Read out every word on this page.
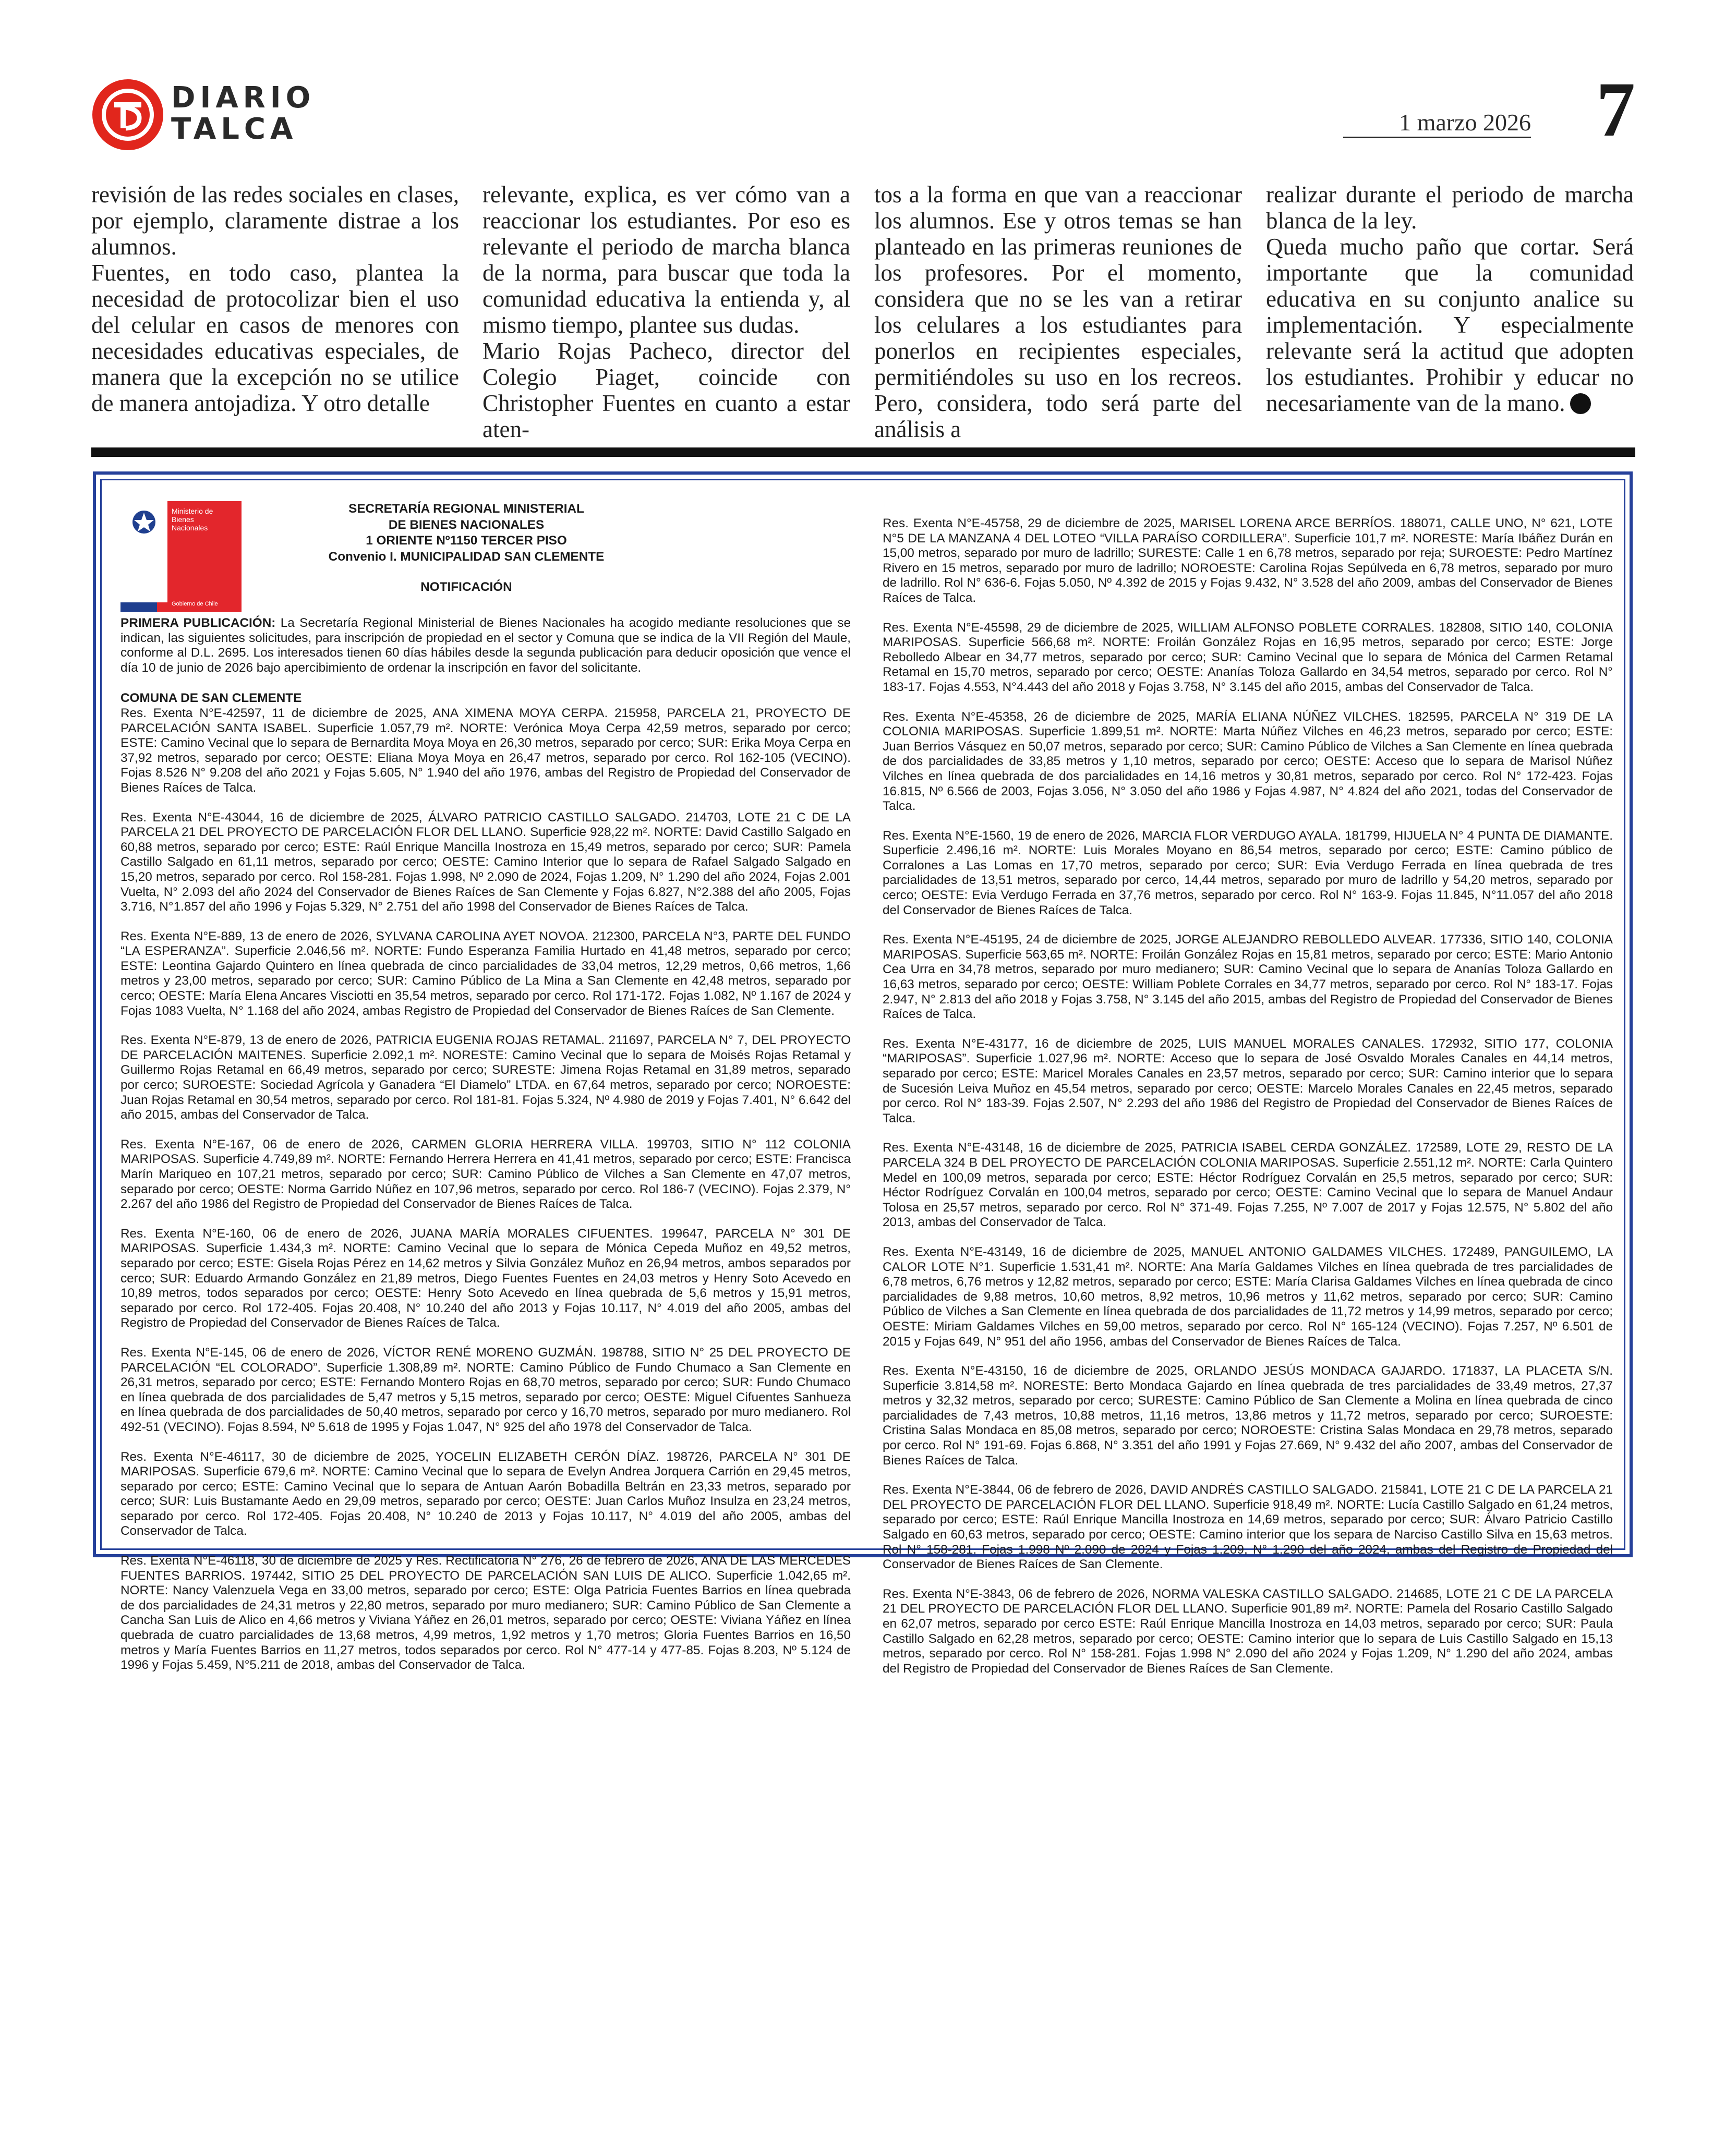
DIARIO
TALCA	1 marzo 2026 7

revisión de las redes sociales en clases, por ejemplo, claramente distrae a los alumnos.

Fuentes, en todo caso, plantea la necesidad de protocolizar bien el uso del celular en casos de menores con necesidades educativas especiales, de manera que la excepción no se utilice de manera antojadiza. Y otro detalle

relevante, explica, es ver cómo van a reaccionar los estudiantes. Por eso es relevante el periodo de marcha blanca de la norma, para buscar que toda la comunidad educativa la entienda y, al mismo tiempo, plantee sus dudas.

Mario Rojas Pacheco, director del Colegio Piaget, coincide con Christopher Fuentes en cuanto a estar aten-

tos a la forma en que van a reaccionar los alumnos. Ese y otros temas se han planteado en las primeras reuniones de los profesores. Por el momento, considera que no se les van a retirar los celulares a los estudiantes para ponerlos en recipientes especiales, permitiéndoles su uso en los recreos. Pero, considera, todo será parte del análisis a

realizar durante el periodo de marcha blanca de la ley.

Queda mucho paño que cortar. Será importante que la comunidad educativa en su conjunto analice su implementación. Y especialmente relevante será la actitud que adopten los estudiantes. Prohibir y educar no necesariamente van de la mano.

Ministerio de
Bienes
Nacionales
Gobierno de Chile
SECRETARÍA REGIONAL MINISTERIAL
DE BIENES NACIONALES
1 ORIENTE Nº1150 TERCER PISO
Convenio I. MUNICIPALIDAD SAN CLEMENTE
NOTIFICACIÓN
PRIMERA PUBLICACIÓN: La Secretaría Regional Ministerial de Bienes Nacionales ha acogido mediante resoluciones que se indican, las siguientes solicitudes, para inscripción de propiedad en el sector y Comuna que se indica de la VII Región del Maule, conforme al D.L. 2695. Los interesados tienen 60 días hábiles desde la segunda publicación para deducir oposición que vence el día 10 de junio de 2026 bajo apercibimiento de ordenar la inscripción en favor del solicitante.
COMUNA DE SAN CLEMENTE
Res. Exenta N°E-42597, 11 de diciembre de 2025, ANA XIMENA MOYA CERPA. 215958, PARCELA 21, PROYECTO DE PARCELACIÓN SANTA ISABEL. Superficie 1.057,79 m². NORTE: Verónica Moya Cerpa 42,59 metros, separado por cerco; ESTE: Camino Vecinal que lo separa de Bernardita Moya Moya en 26,30 metros, separado por cerco; SUR: Erika Moya Cerpa en 37,92 metros, separado por cerco; OESTE: Eliana Moya Moya en 26,47 metros, separado por cerco. Rol 162-105 (VECINO). Fojas 8.526 N° 9.208 del año 2021 y Fojas 5.605, N° 1.940 del año 1976, ambas del Registro de Propiedad del Conservador de Bienes Raíces de Talca.
Res. Exenta N°E-43044, 16 de diciembre de 2025, ÁLVARO PATRICIO CASTILLO SALGADO. 214703, LOTE 21 C DE LA PARCELA 21 DEL PROYECTO DE PARCELACIÓN FLOR DEL LLANO. Superficie 928,22 m². NORTE: David Castillo Salgado en 60,88 metros, separado por cerco; ESTE: Raúl Enrique Mancilla Inostroza en 15,49 metros, separado por cerco; SUR: Pamela Castillo Salgado en 61,11 metros, separado por cerco; OESTE: Camino Interior que lo separa de Rafael Salgado Salgado en 15,20 metros, separado por cerco. Rol 158-281. Fojas 1.998, Nº 2.090 de 2024, Fojas 1.209, N° 1.290 del año 2024, Fojas 2.001 Vuelta, N° 2.093 del año 2024 del Conservador de Bienes Raíces de San Clemente y Fojas 6.827, N°2.388 del año 2005, Fojas 3.716, N°1.857 del año 1996 y Fojas 5.329, N° 2.751 del año 1998 del Conservador de Bienes Raíces de Talca.
Res. Exenta N°E-889, 13 de enero de 2026, SYLVANA CAROLINA AYET NOVOA. 212300, PARCELA N°3, PARTE DEL FUNDO “LA ESPERANZA”. Superficie 2.046,56 m². NORTE: Fundo Esperanza Familia Hurtado en 41,48 metros, separado por cerco; ESTE: Leontina Gajardo Quintero en línea quebrada de cinco parcialidades de 33,04 metros, 12,29 metros, 0,66 metros, 1,66 metros y 23,00 metros, separado por cerco; SUR: Camino Público de La Mina a San Clemente en 42,48 metros, separado por cerco; OESTE: María Elena Ancares Visciotti en 35,54 metros, separado por cerco. Rol 171-172. Fojas 1.082, Nº 1.167 de 2024 y Fojas 1083 Vuelta, N° 1.168 del año 2024, ambas Registro de Propiedad del Conservador de Bienes Raíces de San Clemente.
Res. Exenta N°E-879, 13 de enero de 2026, PATRICIA EUGENIA ROJAS RETAMAL. 211697, PARCELA N° 7, DEL PROYECTO DE PARCELACIÓN MAITENES. Superficie 2.092,1 m². NORESTE: Camino Vecinal que lo separa de Moisés Rojas Retamal y Guillermo Rojas Retamal en 66,49 metros, separado por cerco; SURESTE: Jimena Rojas Retamal en 31,89 metros, separado por cerco; SUROESTE: Sociedad Agrícola y Ganadera “El Diamelo” LTDA. en 67,64 metros, separado por cerco; NOROESTE: Juan Rojas Retamal en 30,54 metros, separado por cerco. Rol 181-81. Fojas 5.324, Nº 4.980 de 2019 y Fojas 7.401, N° 6.642 del año 2015, ambas del Conservador de Talca.
Res. Exenta N°E-167, 06 de enero de 2026, CARMEN GLORIA HERRERA VILLA. 199703, SITIO N° 112 COLONIA MARIPOSAS. Superficie 4.749,89 m². NORTE: Fernando Herrera Herrera en 41,41 metros, separado por cerco; ESTE: Francisca Marín Mariqueo en 107,21 metros, separado por cerco; SUR: Camino Público de Vilches a San Clemente en 47,07 metros, separado por cerco; OESTE: Norma Garrido Núñez en 107,96 metros, separado por cerco. Rol 186-7 (VECINO). Fojas 2.379, N° 2.267 del año 1986 del Registro de Propiedad del Conservador de Bienes Raíces de Talca.
Res. Exenta N°E-160, 06 de enero de 2026, JUANA MARÍA MORALES CIFUENTES. 199647, PARCELA N° 301 DE MARIPOSAS. Superficie 1.434,3 m². NORTE: Camino Vecinal que lo separa de Mónica Cepeda Muñoz en 49,52 metros, separado por cerco; ESTE: Gisela Rojas Pérez en 14,62 metros y Silvia González Muñoz en 26,94 metros, ambos separados por cerco; SUR: Eduardo Armando González en 21,89 metros, Diego Fuentes Fuentes en 24,03 metros y Henry Soto Acevedo en 10,89 metros, todos separados por cerco; OESTE: Henry Soto Acevedo en línea quebrada de 5,6 metros y 15,91 metros, separado por cerco. Rol 172-405. Fojas 20.408, N° 10.240 del año 2013 y Fojas 10.117, N° 4.019 del año 2005, ambas del Registro de Propiedad del Conservador de Bienes Raíces de Talca.
Res. Exenta N°E-145, 06 de enero de 2026, VÍCTOR RENÉ MORENO GUZMÁN. 198788, SITIO N° 25 DEL PROYECTO DE PARCELACIÓN “EL COLORADO”. Superficie 1.308,89 m². NORTE: Camino Público de Fundo Chumaco a San Clemente en 26,31 metros, separado por cerco; ESTE: Fernando Montero Rojas en 68,70 metros, separado por cerco; SUR: Fundo Chumaco en línea quebrada de dos parcialidades de 5,47 metros y 5,15 metros, separado por cerco; OESTE: Miguel Cifuentes Sanhueza en línea quebrada de dos parcialidades de 50,40 metros, separado por cerco y 16,70 metros, separado por muro medianero. Rol 492-51 (VECINO). Fojas 8.594, Nº 5.618 de 1995 y Fojas 1.047, N° 925 del año 1978 del Conservador de Talca.
Res. Exenta N°E-46117, 30 de diciembre de 2025, YOCELIN ELIZABETH CERÓN DÍAZ. 198726, PARCELA N° 301 DE MARIPOSAS. Superficie 679,6 m². NORTE: Camino Vecinal que lo separa de Evelyn Andrea Jorquera Carrión en 29,45 metros, separado por cerco; ESTE: Camino Vecinal que lo separa de Antuan Aarón Bobadilla Beltrán en 23,33 metros, separado por cerco; SUR: Luis Bustamante Aedo en 29,09 metros, separado por cerco; OESTE: Juan Carlos Muñoz Insulza en 23,24 metros, separado por cerco. Rol 172-405. Fojas 20.408, N° 10.240 de 2013 y Fojas 10.117, N° 4.019 del año 2005, ambas del Conservador de Talca.
Res. Exenta N°E-46118, 30 de diciembre de 2025 y Res. Rectificatoria N° 276, 26 de febrero de 2026, ANA DE LAS MERCEDES FUENTES BARRIOS. 197442, SITIO 25 DEL PROYECTO DE PARCELACIÓN SAN LUIS DE ALICO. Superficie 1.042,65 m². NORTE: Nancy Valenzuela Vega en 33,00 metros, separado por cerco; ESTE: Olga Patricia Fuentes Barrios en línea quebrada de dos parcialidades de 24,31 metros y 22,80 metros, separado por muro medianero; SUR: Camino Público de San Clemente a Cancha San Luis de Alico en 4,66 metros y Viviana Yáñez en 26,01 metros, separado por cerco; OESTE: Viviana Yáñez en línea quebrada de cuatro parcialidades de 13,68 metros, 4,99 metros, 1,92 metros y 1,70 metros; Gloria Fuentes Barrios en 16,50 metros y María Fuentes Barrios en 11,27 metros, todos separados por cerco. Rol N° 477-14 y 477-85. Fojas 8.203, Nº 5.124 de 1996 y Fojas 5.459, N°5.211 de 2018, ambas del Conservador de Talca.
Res. Exenta N°E-45758, 29 de diciembre de 2025, MARISEL LORENA ARCE BERRÍOS. 188071, CALLE UNO, N° 621, LOTE N°5 DE LA MANZANA 4 DEL LOTEO “VILLA PARAÍSO CORDILLERA”. Superficie 101,7 m². NORESTE: María Ibáñez Durán en 15,00 metros, separado por muro de ladrillo; SURESTE: Calle 1 en 6,78 metros, separado por reja; SUROESTE: Pedro Martínez Rivero en 15 metros, separado por muro de ladrillo; NOROESTE: Carolina Rojas Sepúlveda en 6,78 metros, separado por muro de ladrillo. Rol N° 636-6. Fojas 5.050, Nº 4.392 de 2015 y Fojas 9.432, N° 3.528 del año 2009, ambas del Conservador de Bienes Raíces de Talca.
Res. Exenta N°E-45598, 29 de diciembre de 2025, WILLIAM ALFONSO POBLETE CORRALES. 182808, SITIO 140, COLONIA MARIPOSAS. Superficie 566,68 m². NORTE: Froilán González Rojas en 16,95 metros, separado por cerco; ESTE: Jorge Rebolledo Albear en 34,77 metros, separado por cerco; SUR: Camino Vecinal que lo separa de Mónica del Carmen Retamal Retamal en 15,70 metros, separado por cerco; OESTE: Ananías Toloza Gallardo en 34,54 metros, separado por cerco. Rol N° 183-17. Fojas 4.553, N°4.443 del año 2018 y Fojas 3.758, N° 3.145 del año 2015, ambas del Conservador de Talca.
Res. Exenta N°E-45358, 26 de diciembre de 2025, MARÍA ELIANA NÚÑEZ VILCHES. 182595, PARCELA N° 319 DE LA COLONIA MARIPOSAS. Superficie 1.899,51 m². NORTE: Marta Núñez Vilches en 46,23 metros, separado por cerco; ESTE: Juan Berrios Vásquez en 50,07 metros, separado por cerco; SUR: Camino Público de Vilches a San Clemente en línea quebrada de dos parcialidades de 33,85 metros y 1,10 metros, separado por cerco; OESTE: Acceso que lo separa de Marisol Núñez Vilches en línea quebrada de dos parcialidades en 14,16 metros y 30,81 metros, separado por cerco. Rol N° 172-423. Fojas 16.815, Nº 6.566 de 2003, Fojas 3.056, N° 3.050 del año 1986 y Fojas 4.987, N° 4.824 del año 2021, todas del Conservador de Talca.
Res. Exenta N°E-1560, 19 de enero de 2026, MARCIA FLOR VERDUGO AYALA. 181799, HIJUELA N° 4 PUNTA DE DIAMANTE. Superficie 2.496,16 m². NORTE: Luis Morales Moyano en 86,54 metros, separado por cerco; ESTE: Camino público de Corralones a Las Lomas en 17,70 metros, separado por cerco; SUR: Evia Verdugo Ferrada en línea quebrada de tres parcialidades de 13,51 metros, separado por cerco, 14,44 metros, separado por muro de ladrillo y 54,20 metros, separado por cerco; OESTE: Evia Verdugo Ferrada en 37,76 metros, separado por cerco. Rol N° 163-9. Fojas 11.845, N°11.057 del año 2018 del Conservador de Bienes Raíces de Talca.
Res. Exenta N°E-45195, 24 de diciembre de 2025, JORGE ALEJANDRO REBOLLEDO ALVEAR. 177336, SITIO 140, COLONIA MARIPOSAS. Superficie 563,65 m². NORTE: Froilán González Rojas en 15,81 metros, separado por cerco; ESTE: Mario Antonio Cea Urra en 34,78 metros, separado por muro medianero; SUR: Camino Vecinal que lo separa de Ananías Toloza Gallardo en 16,63 metros, separado por cerco; OESTE: William Poblete Corrales en 34,77 metros, separado por cerco. Rol N° 183-17. Fojas 2.947, N° 2.813 del año 2018 y Fojas 3.758, N° 3.145 del año 2015, ambas del Registro de Propiedad del Conservador de Bienes Raíces de Talca.
Res. Exenta N°E-43177, 16 de diciembre de 2025, LUIS MANUEL MORALES CANALES. 172932, SITIO 177, COLONIA “MARIPOSAS”. Superficie 1.027,96 m². NORTE: Acceso que lo separa de José Osvaldo Morales Canales en 44,14 metros, separado por cerco; ESTE: Maricel Morales Canales en 23,57 metros, separado por cerco; SUR: Camino interior que lo separa de Sucesión Leiva Muñoz en 45,54 metros, separado por cerco; OESTE: Marcelo Morales Canales en 22,45 metros, separado por cerco. Rol N° 183-39. Fojas 2.507, N° 2.293 del año 1986 del Registro de Propiedad del Conservador de Bienes Raíces de Talca.
Res. Exenta N°E-43148, 16 de diciembre de 2025, PATRICIA ISABEL CERDA GONZÁLEZ. 172589, LOTE 29, RESTO DE LA PARCELA 324 B DEL PROYECTO DE PARCELACIÓN COLONIA MARIPOSAS. Superficie 2.551,12 m². NORTE: Carla Quintero Medel en 100,09 metros, separada por cerco; ESTE: Héctor Rodríguez Corvalán en 25,5 metros, separado por cerco; SUR: Héctor Rodríguez Corvalán en 100,04 metros, separado por cerco; OESTE: Camino Vecinal que lo separa de Manuel Andaur Tolosa en 25,57 metros, separado por cerco. Rol N° 371-49. Fojas 7.255, Nº 7.007 de 2017 y Fojas 12.575, N° 5.802 del año 2013, ambas del Conservador de Talca.
Res. Exenta N°E-43149, 16 de diciembre de 2025, MANUEL ANTONIO GALDAMES VILCHES. 172489, PANGUILEMO, LA CALOR LOTE N°1. Superficie 1.531,41 m². NORTE: Ana María Galdames Vilches en línea quebrada de tres parcialidades de 6,78 metros, 6,76 metros y 12,82 metros, separado por cerco; ESTE: María Clarisa Galdames Vilches en línea quebrada de cinco parcialidades de 9,88 metros, 10,60 metros, 8,92 metros, 10,96 metros y 11,62 metros, separado por cerco; SUR: Camino Público de Vilches a San Clemente en línea quebrada de dos parcialidades de 11,72 metros y 14,99 metros, separado por cerco; OESTE: Miriam Galdames Vilches en 59,00 metros, separado por cerco. Rol N° 165-124 (VECINO). Fojas 7.257, Nº 6.501 de 2015 y Fojas 649, N° 951 del año 1956, ambas del Conservador de Bienes Raíces de Talca.
Res. Exenta N°E-43150, 16 de diciembre de 2025, ORLANDO JESÚS MONDACA GAJARDO. 171837, LA PLACETA S/N. Superficie 3.814,58 m². NORESTE: Berto Mondaca Gajardo en línea quebrada de tres parcialidades de 33,49 metros, 27,37 metros y 32,32 metros, separado por cerco; SURESTE: Camino Público de San Clemente a Molina en línea quebrada de cinco parcialidades de 7,43 metros, 10,88 metros, 11,16 metros, 13,86 metros y 11,72 metros, separado por cerco; SUROESTE: Cristina Salas Mondaca en 85,08 metros, separado por cerco; NOROESTE: Cristina Salas Mondaca en 29,78 metros, separado por cerco. Rol N° 191-69. Fojas 6.868, N° 3.351 del año 1991 y Fojas 27.669, N° 9.432 del año 2007, ambas del Conservador de Bienes Raíces de Talca.
Res. Exenta N°E-3844, 06 de febrero de 2026, DAVID ANDRÉS CASTILLO SALGADO. 215841, LOTE 21 C DE LA PARCELA 21 DEL PROYECTO DE PARCELACIÓN FLOR DEL LLANO. Superficie 918,49 m². NORTE: Lucía Castillo Salgado en 61,24 metros, separado por cerco; ESTE: Raúl Enrique Mancilla Inostroza en 14,69 metros, separado por cerco; SUR: Álvaro Patricio Castillo Salgado en 60,63 metros, separado por cerco; OESTE: Camino interior que los separa de Narciso Castillo Silva en 15,63 metros. Rol N° 158-281. Fojas 1.998 Nº 2.090 de 2024 y Fojas 1.209, N° 1.290 del año 2024, ambas del Registro de Propiedad del Conservador de Bienes Raíces de San Clemente.
Res. Exenta N°E-3843, 06 de febrero de 2026, NORMA VALESKA CASTILLO SALGADO. 214685, LOTE 21 C DE LA PARCELA 21 DEL PROYECTO DE PARCELACIÓN FLOR DEL LLANO. Superficie 901,89 m². NORTE: Pamela del Rosario Castillo Salgado en 62,07 metros, separado por cerco ESTE: Raúl Enrique Mancilla Inostroza en 14,03 metros, separado por cerco; SUR: Paula Castillo Salgado en 62,28 metros, separado por cerco; OESTE: Camino interior que lo separa de Luis Castillo Salgado en 15,13 metros, separado por cerco. Rol N° 158-281. Fojas 1.998 N° 2.090 del año 2024 y Fojas 1.209, N° 1.290 del año 2024, ambas del Registro de Propiedad del Conservador de Bienes Raíces de San Clemente.
